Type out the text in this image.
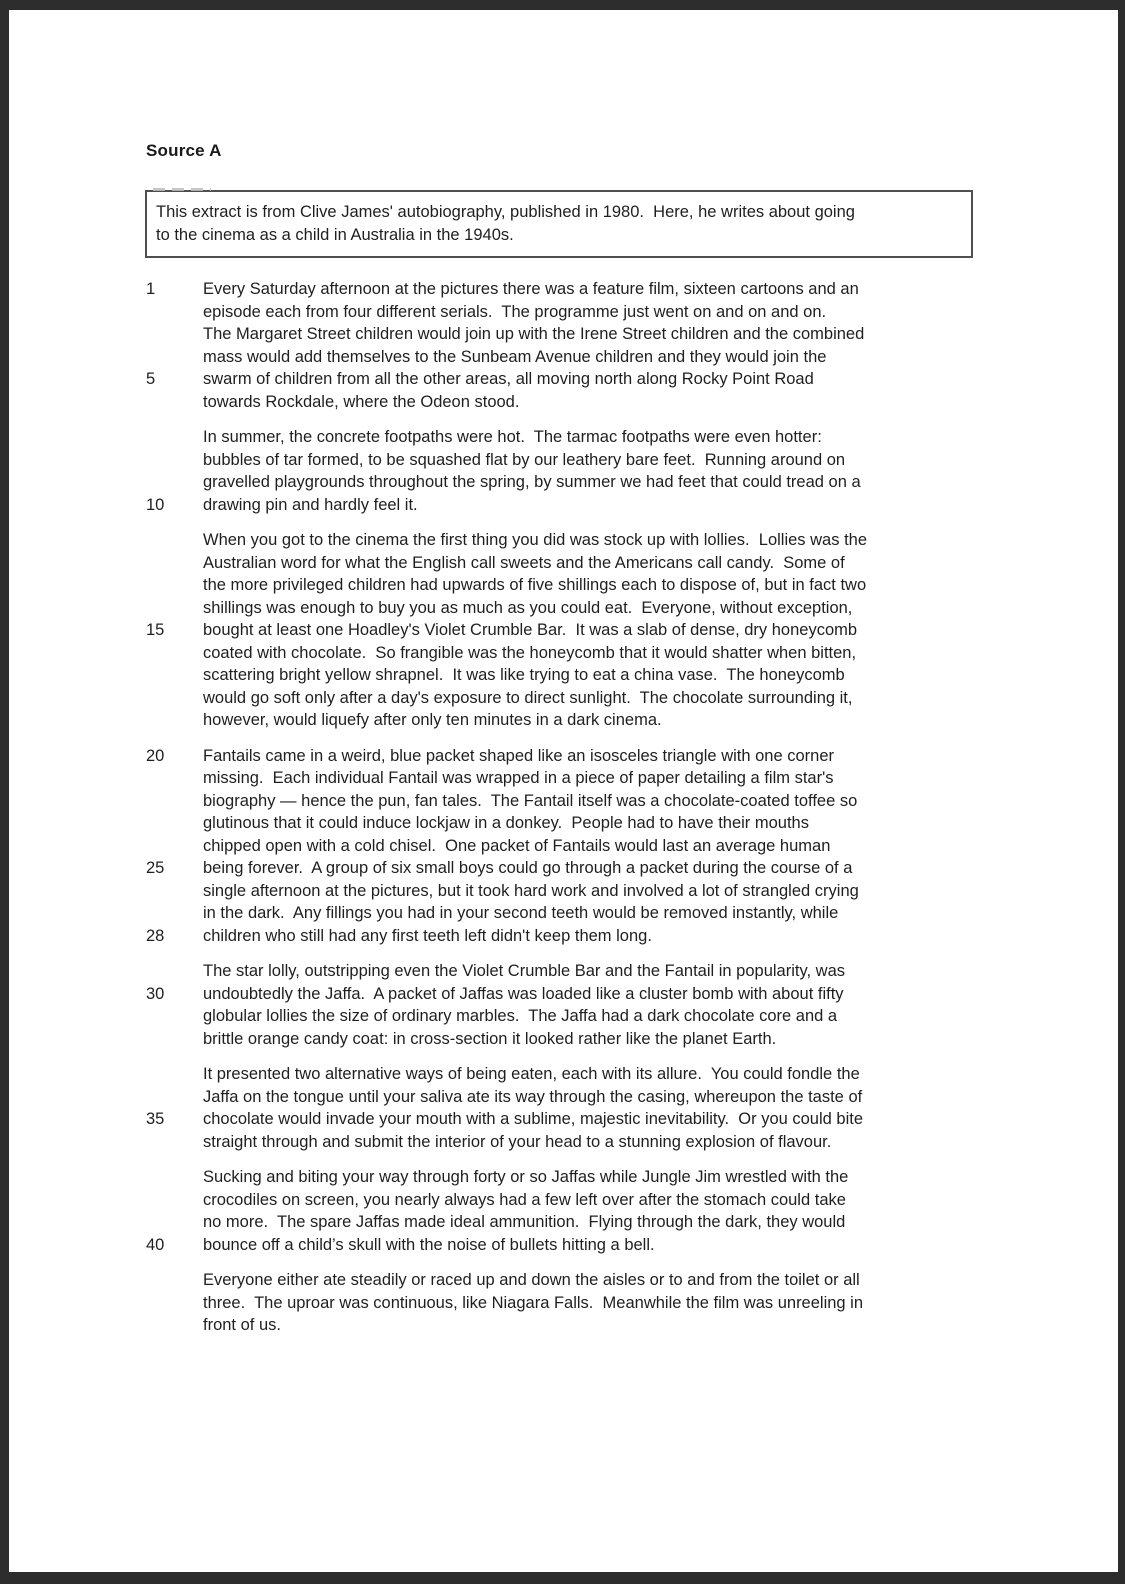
Source A
This extract is from Clive James' autobiography, published in 1980.  Here, he writes about going
to the cinema as a child in Australia in the 1940s.
1	Every Saturday afternoon at the pictures there was a feature film, sixteen cartoons and an
episode each from four different serials.  The programme just went on and on and on.
The Margaret Street children would join up with the Irene Street children and the combined
mass would add themselves to the Sunbeam Avenue children and they would join the
5	swarm of children from all the other areas, all moving north along Rocky Point Road
towards Rockdale, where the Odeon stood.
In summer, the concrete footpaths were hot.  The tarmac footpaths were even hotter:
bubbles of tar formed, to be squashed flat by our leathery bare feet.  Running around on
gravelled playgrounds throughout the spring, by summer we had feet that could tread on a
10	drawing pin and hardly feel it.
When you got to the cinema the first thing you did was stock up with lollies.  Lollies was the
Australian word for what the English call sweets and the Americans call candy.  Some of
the more privileged children had upwards of five shillings each to dispose of, but in fact two
shillings was enough to buy you as much as you could eat.  Everyone, without exception,
15	bought at least one Hoadley's Violet Crumble Bar.  It was a slab of dense, dry honeycomb
coated with chocolate.  So frangible was the honeycomb that it would shatter when bitten,
scattering bright yellow shrapnel.  It was like trying to eat a china vase.  The honeycomb
would go soft only after a day's exposure to direct sunlight.  The chocolate surrounding it,
however, would liquefy after only ten minutes in a dark cinema.
20	Fantails came in a weird, blue packet shaped like an isosceles triangle with one corner
missing.  Each individual Fantail was wrapped in a piece of paper detailing a film star's
biography — hence the pun, fan tales.  The Fantail itself was a chocolate-coated toffee so
glutinous that it could induce lockjaw in a donkey.  People had to have their mouths
chipped open with a cold chisel.  One packet of Fantails would last an average human
25	being forever.  A group of six small boys could go through a packet during the course of a
single afternoon at the pictures, but it took hard work and involved a lot of strangled crying
in the dark.  Any fillings you had in your second teeth would be removed instantly, while
28	children who still had any first teeth left didn't keep them long.
The star lolly, outstripping even the Violet Crumble Bar and the Fantail in popularity, was
30	undoubtedly the Jaffa.  A packet of Jaffas was loaded like a cluster bomb with about fifty
globular lollies the size of ordinary marbles.  The Jaffa had a dark chocolate core and a
brittle orange candy coat: in cross-section it looked rather like the planet Earth.
It presented two alternative ways of being eaten, each with its allure.  You could fondle the
Jaffa on the tongue until your saliva ate its way through the casing, whereupon the taste of
35	chocolate would invade your mouth with a sublime, majestic inevitability.  Or you could bite
straight through and submit the interior of your head to a stunning explosion of flavour.
Sucking and biting your way through forty or so Jaffas while Jungle Jim wrestled with the
crocodiles on screen, you nearly always had a few left over after the stomach could take
no more.  The spare Jaffas made ideal ammunition.  Flying through the dark, they would
40	bounce off a child’s skull with the noise of bullets hitting a bell.
Everyone either ate steadily or raced up and down the aisles or to and from the toilet or all
three.  The uproar was continuous, like Niagara Falls.  Meanwhile the film was unreeling in
front of us.
